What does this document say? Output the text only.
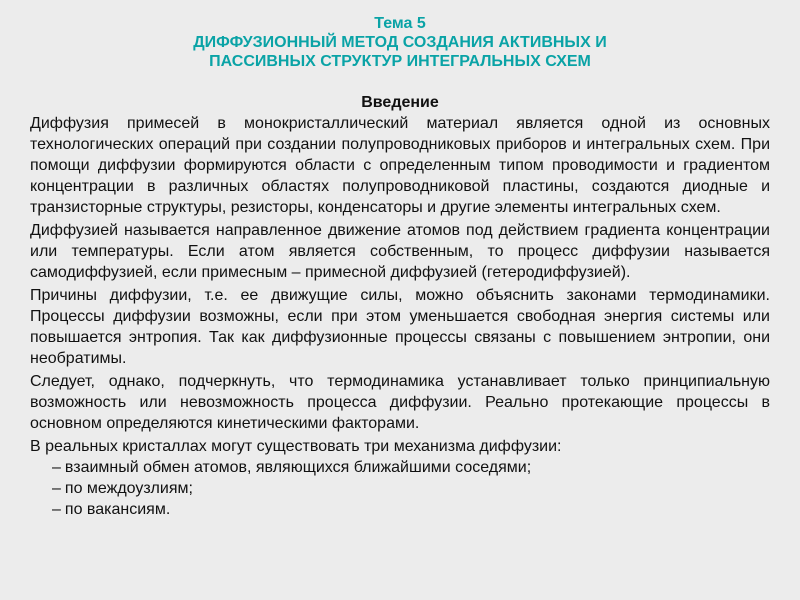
Тема 5
ДИФФУЗИОННЫЙ МЕТОД СОЗДАНИЯ АКТИВНЫХ И
ПАССИВНЫХ СТРУКТУР ИНТЕГРАЛЬНЫХ СХЕМ
Введение

Диффузия примесей в монокристаллический материал является одной из основных технологических операций при создании полупроводниковых приборов и интегральных схем. При помощи диффузии формируются области с определенным типом проводимости и градиентом концентрации в различных областях полупроводниковой пластины, создаются диодные и транзисторные структуры, резисторы, конденсаторы и другие элементы интегральных схем.

Диффузией называется направленное движение атомов под действием градиента концентрации или температуры. Если атом является собственным, то процесс диффузии называется самодиффузией, если примесным – примесной диффузией (гетеродиффузией).

Причины диффузии, т.е. ее движущие силы, можно объяснить законами термодинамики. Процессы диффузии возможны, если при этом уменьшается свободная энергия системы или повышается энтропия. Так как диффузионные процессы связаны с повышением энтропии, они необратимы.

Следует, однако, подчеркнуть, что термодинамика устанавливает только принципиальную возможность или невозможность процесса диффузии. Реально протекающие процессы в основном определяются кинетическими факторами.

В реальных кристаллах могут существовать три механизма диффузии:

– взаимный обмен атомов, являющихся ближайшими соседями;
– по междоузлиям;
– по вакансиям.
